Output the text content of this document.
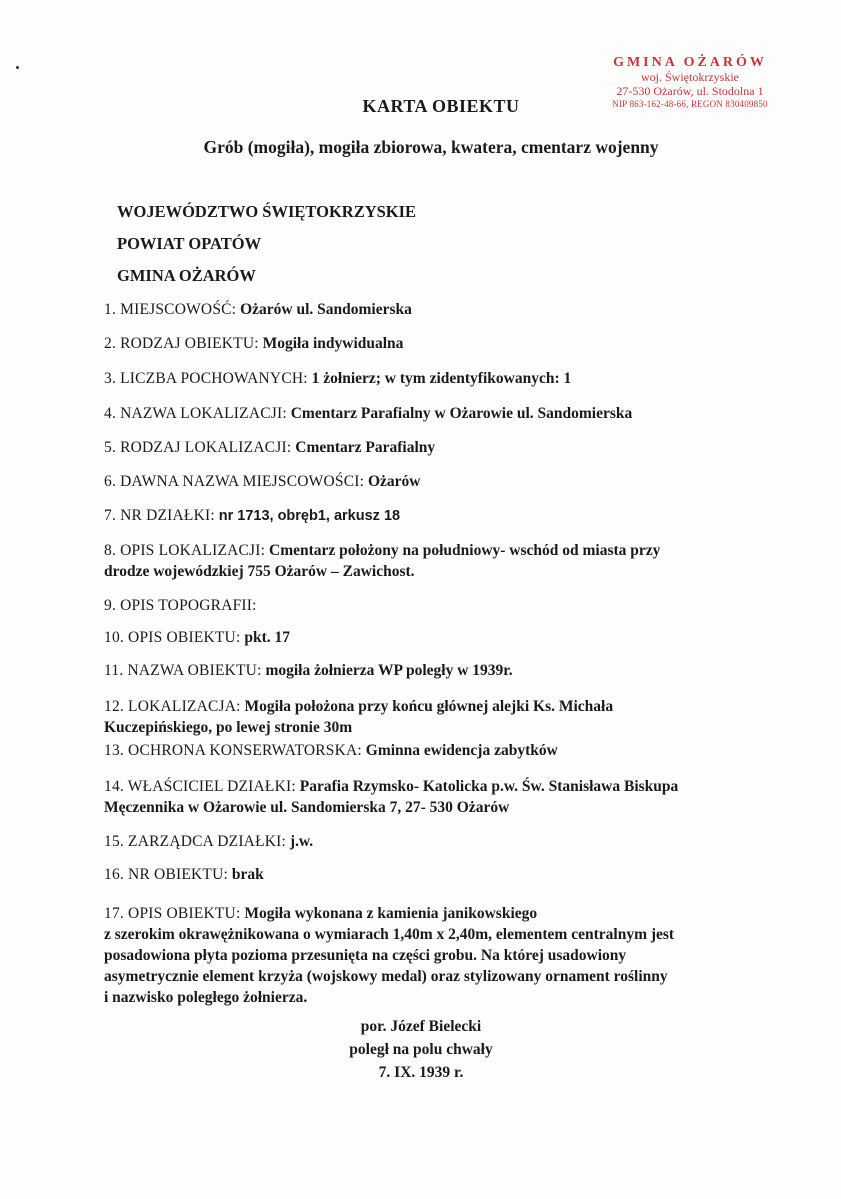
GMINA OŻARÓW
woj. Świętokrzyskie
27-530 Ożarów, ul. Stodolna 1
NIP 863-162-48-66, REGON 830409850
KARTA OBIEKTU
Grób (mogiła), mogiła zbiorowa, kwatera, cmentarz wojenny
WOJEWÓDZTWO ŚWIĘTOKRZYSKIE
POWIAT OPATÓW
GMINA OŻARÓW
1. MIEJSCOWOŚĆ: Ożarów ul. Sandomierska
2. RODZAJ OBIEKTU: Mogiła indywidualna
3. LICZBA POCHOWANYCH: 1 żołnierz; w tym zidentyfikowanych: 1
4. NAZWA LOKALIZACJI: Cmentarz Parafialny w Ożarowie ul. Sandomierska
5. RODZAJ LOKALIZACJI: Cmentarz Parafialny
6. DAWNA NAZWA MIEJSCOWOŚCI: Ożarów
7. NR DZIAŁKI: nr 1713, obręb1, arkusz 18
8. OPIS LOKALIZACJI: Cmentarz położony na południowy- wschód od miasta przy
drodze wojewódzkiej 755 Ożarów – Zawichost.
9. OPIS TOPOGRAFII:
10. OPIS OBIEKTU: pkt. 17
11. NAZWA OBIEKTU: mogiła żołnierza WP poległy w 1939r.
12. LOKALIZACJA: Mogiła położona przy końcu głównej alejki Ks. Michała
Kuczepińskiego, po lewej stronie 30m
13. OCHRONA KONSERWATORSKA: Gminna ewidencja zabytków
14. WŁAŚCICIEL DZIAŁKI: Parafia Rzymsko- Katolicka p.w. Św. Stanisława Biskupa
Męczennika w Ożarowie ul. Sandomierska 7, 27- 530 Ożarów
15. ZARZĄDCA DZIAŁKI: j.w.
16. NR OBIEKTU: brak
17. OPIS OBIEKTU: Mogiła wykonana z kamienia janikowskiego
z szerokim okrawężnikowana o wymiarach 1,40m x 2,40m, elementem centralnym jest
posadowiona płyta pozioma przesunięta na części grobu. Na której usadowiony
asymetrycznie element krzyża (wojskowy medal) oraz stylizowany ornament roślinny
i nazwisko poległego żołnierza.
por. Józef Bielecki
poległ na polu chwały
7. IX. 1939 r.
